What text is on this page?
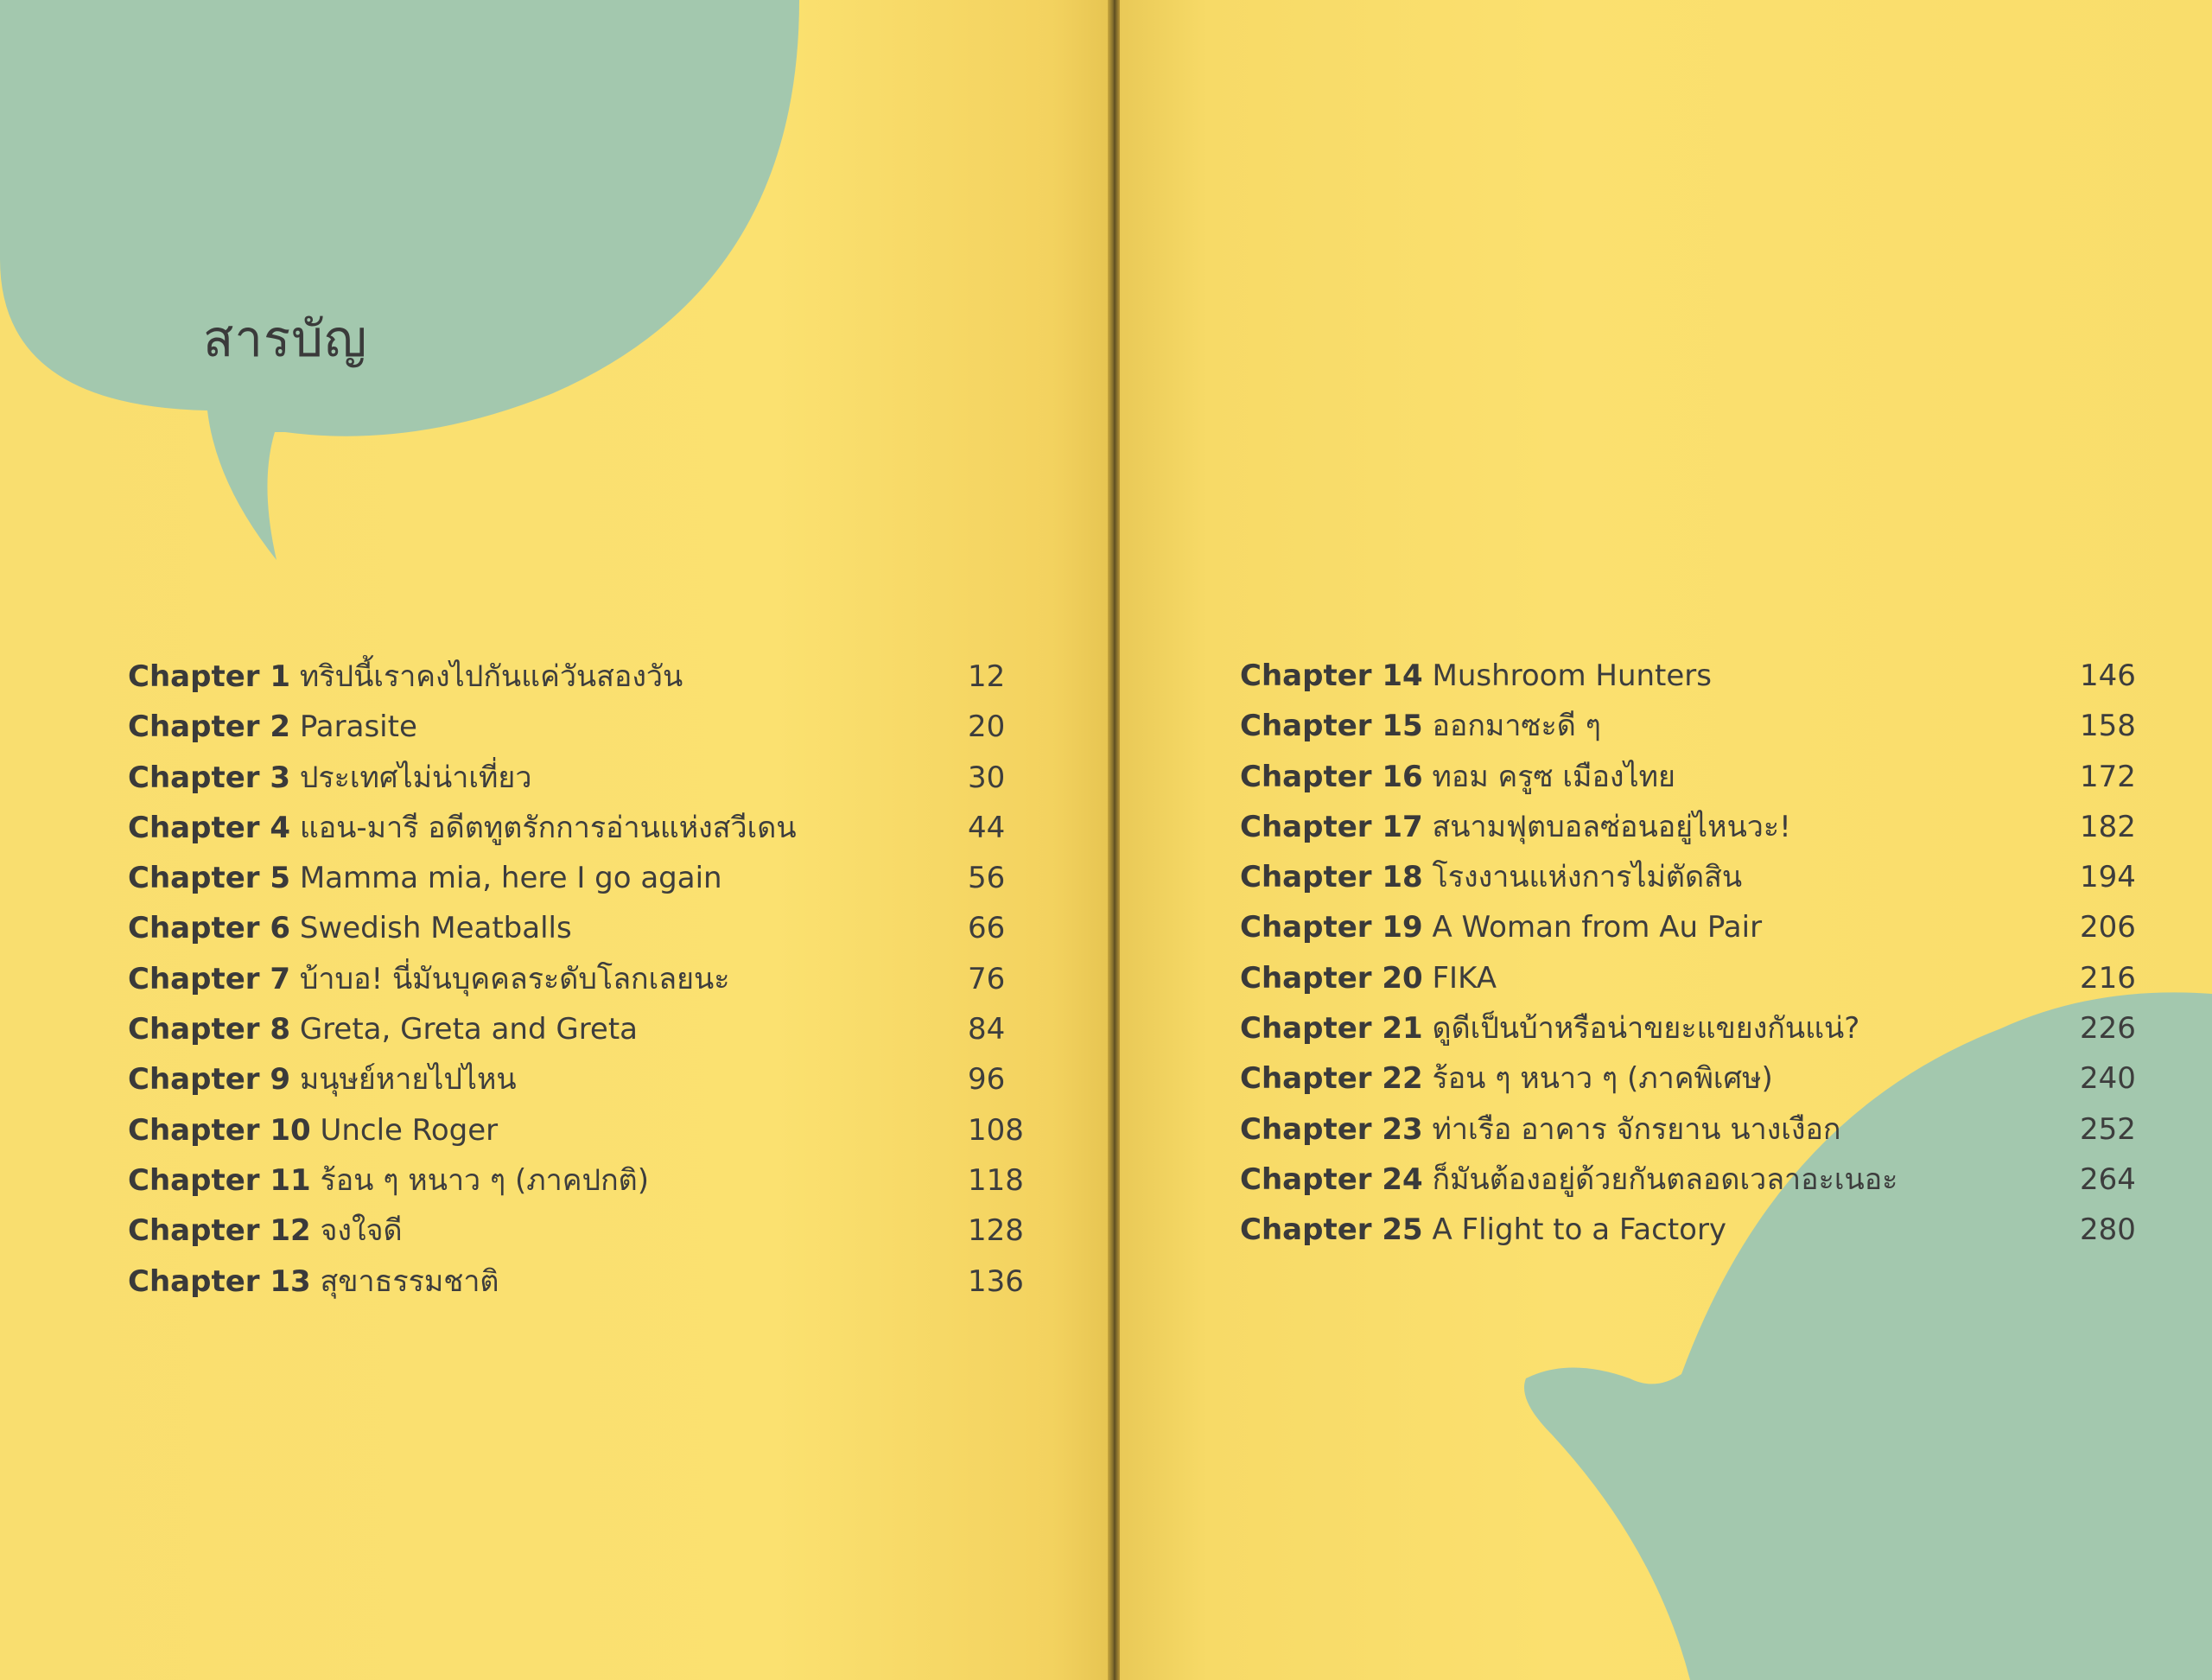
สารบัญ
Chapter 1 ทริปนี้เราคงไปกันแค่วันสองวัน	12
Chapter 2 Parasite	20
Chapter 3 ประเทศไม่น่าเที่ยว	30
Chapter 4 แอน-มารี อดีตทูตรักการอ่านแห่งสวีเดน	44
Chapter 5 Mamma mia, here I go again	56
Chapter 6 Swedish Meatballs	66
Chapter 7 บ้าบอ! นี่มันบุคคลระดับโลกเลยนะ	76
Chapter 8 Greta, Greta and Greta	84
Chapter 9 มนุษย์หายไปไหน	96
Chapter 10 Uncle Roger	108
Chapter 11 ร้อน ๆ หนาว ๆ (ภาคปกติ)	118
Chapter 12 จงใจดี	128
Chapter 13 สุขาธรรมชาติ	136
Chapter 14 Mushroom Hunters	146
Chapter 15 ออกมาซะดี ๆ	158
Chapter 16 ทอม ครูซ เมืองไทย	172
Chapter 17 สนามฟุตบอลซ่อนอยู่ไหนวะ!	182
Chapter 18 โรงงานแห่งการไม่ตัดสิน	194
Chapter 19 A Woman from Au Pair	206
Chapter 20 FIKA	216
Chapter 21 ดูดีเป็นบ้าหรือน่าขยะแขยงกันแน่?	226
Chapter 22 ร้อน ๆ หนาว ๆ (ภาคพิเศษ)	240
Chapter 23 ท่าเรือ อาคาร จักรยาน นางเงือก	252
Chapter 24 ก็มันต้องอยู่ด้วยกันตลอดเวลาอะเนอะ	264
Chapter 25 A Flight to a Factory	280
